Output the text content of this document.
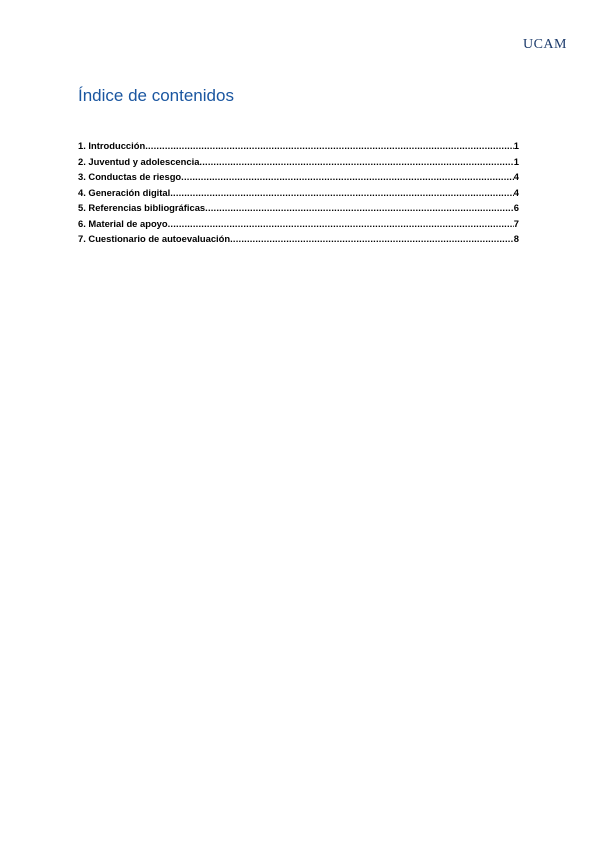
UCAM
Índice de contenidos
1. Introducción .....	1
2. Juventud y adolescencia .....	1
3. Conductas de riesgo .....	4
4. Generación digital .....	4
5. Referencias bibliográficas .....	6
6. Material de apoyo .....	7
7. Cuestionario de autoevaluación .....	8
